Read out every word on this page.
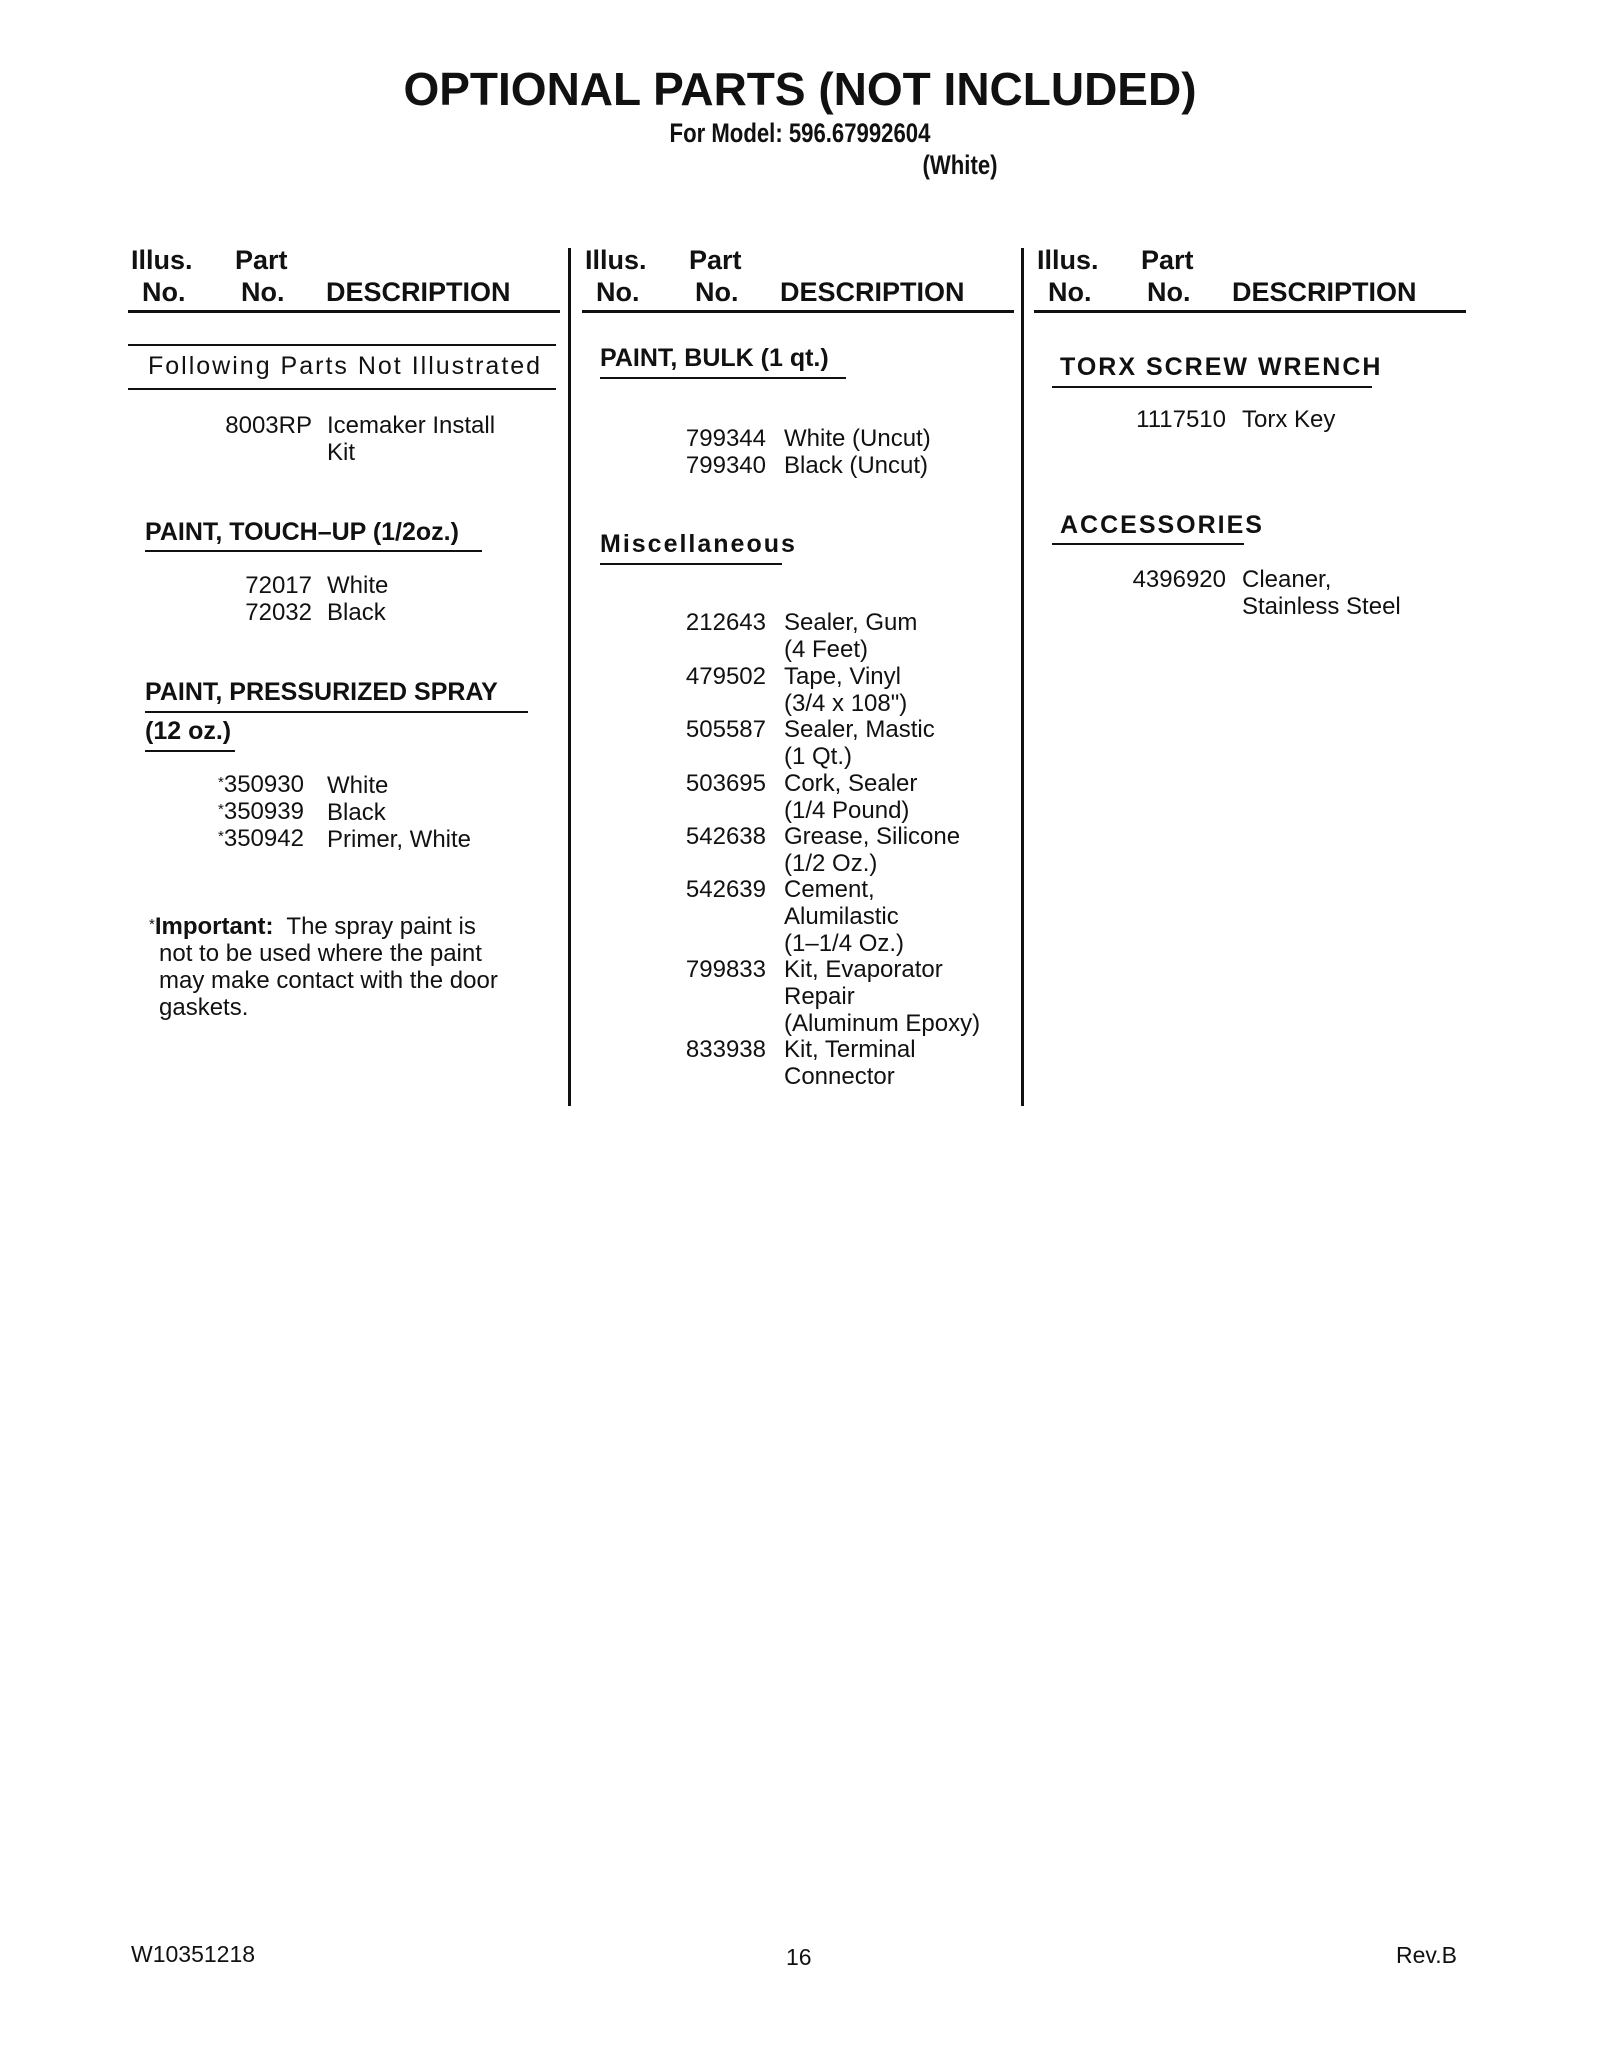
OPTIONAL PARTS (NOT INCLUDED)
For Model: 596.67992604
(White)
Illus.
No.
Part
No. DESCRIPTION
Illus.
No.
Part
No. DESCRIPTION
Illus.
No.
Part
No. DESCRIPTION
Following Parts Not Illustrated
8003RP Icemaker Install
Kit
PAINT, TOUCH–UP (1/2oz.)
72017 White
72032 Black
PAINT, PRESSURIZED SPRAY
(12 oz.)
*350930 White
*350939 Black
*350942 Primer, White
*Important: The spray paint is
not to be used where the paint
may make contact with the door
gaskets.
PAINT, BULK (1 qt.)
799344 White (Uncut)
799340 Black (Uncut)
Miscellaneous
212643 Sealer, Gum
(4 Feet)
479502 Tape, Vinyl
(3/4 x 108")
505587 Sealer, Mastic
(1 Qt.)
503695 Cork, Sealer
(1/4 Pound)
542638 Grease, Silicone
(1/2 Oz.)
542639 Cement,
Alumilastic
(1–1/4 Oz.)
799833 Kit, Evaporator
Repair
(Aluminum Epoxy)
833938 Kit, Terminal
Connector
TORX SCREW WRENCH
1117510 Torx Key
ACCESSORIES
4396920 Cleaner,
Stainless Steel
W10351218	16	Rev.B
